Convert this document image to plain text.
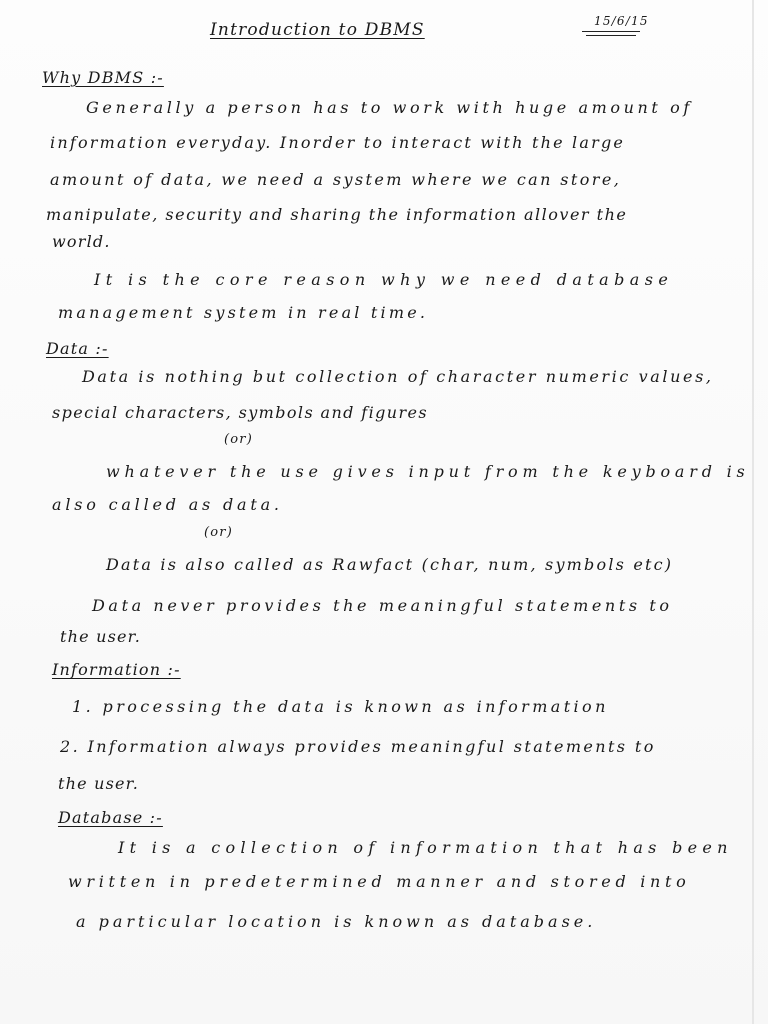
Introduction to DBMS	15/6/15
Why DBMS :-
Generally a person has to work with huge amount of
information everyday. Inorder to interact with the large
amount of data, we need a system where we can store,
manipulate, security and sharing the information allover the
world.
It is the core reason why we need database
management system in real time.
Data :-
Data is nothing but collection of character numeric values,
special characters, symbols and figures
(or)
whatever the use gives input from the keyboard is
also called as data.
(or)
Data is also called as Rawfact (char, num, symbols etc)
Data never provides the meaningful statements to
the user.
Information :-
1. processing the data is known as information
2. Information always provides meaningful statements to
the user.
Database :-
It is a collection of information that has been
written in predetermined manner and stored into
a particular location is known as database.
